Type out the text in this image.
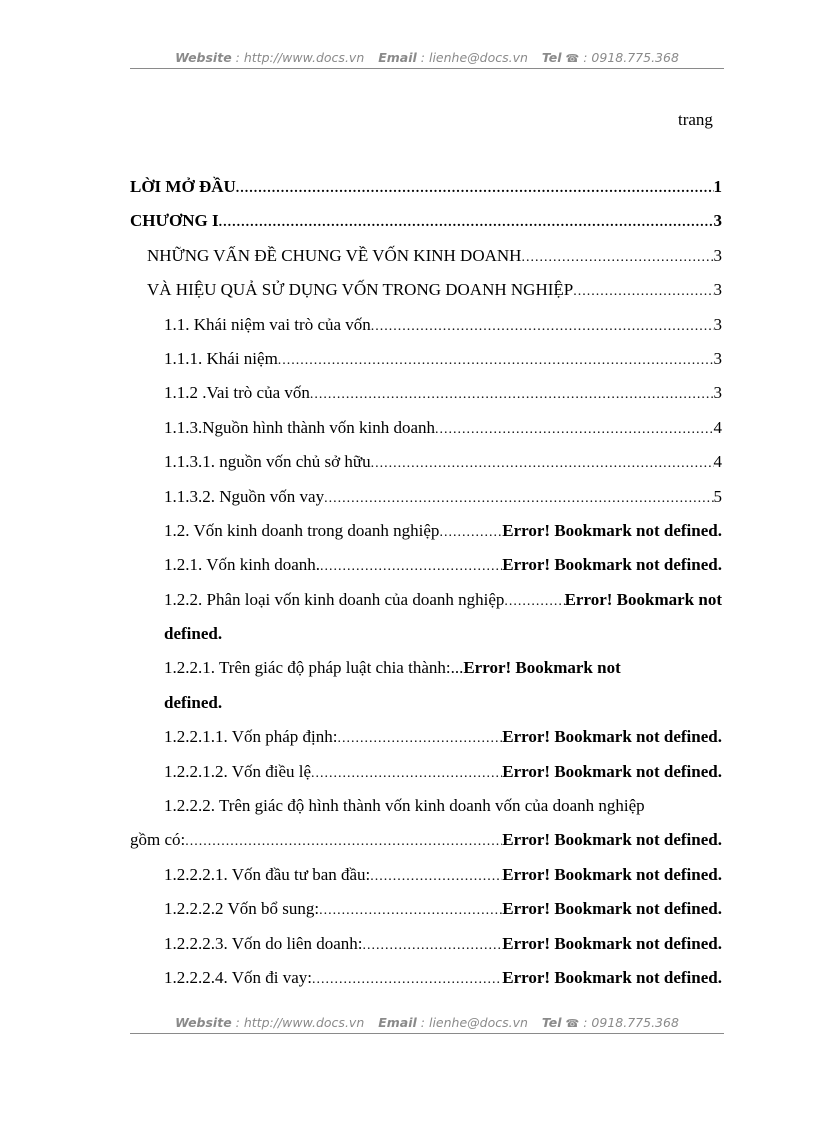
Website : http://www.docs.vn Email : lienhe@docs.vn Tel ☎ : 0918.775.368
trang
LỜI MỞ ĐẦU .....	1
CHƯƠNG I .....	3
NHỮNG VẤN ĐỀ CHUNG VỀ VỐN KINH DOANH .....	3
VÀ HIỆU QUẢ SỬ DỤNG VỐN TRONG DOANH NGHIỆP .....	3
1.1. Khái niệm vai trò của vốn .....	3
1.1.1. Khái niệm .....	3
1.1.2 .Vai trò của vốn .....	3
1.1.3.Nguồn hình thành vốn kinh doanh .....	4
1.1.3.1. nguồn vốn chủ sở hữu .....	4
1.1.3.2. Nguồn vốn vay .....	5
1.2. Vốn kinh doanh trong doanh nghiệp .....	Error! Bookmark not defined.
1.2.1. Vốn kinh doanh. .....	Error! Bookmark not defined.
1.2.2. Phân loại vốn kinh doanh của doanh nghiệp .....	Error! Bookmark not
defined.
1.2.2.1. Trên giác độ pháp luật chia thành:...Error! Bookmark not
defined.
1.2.2.1.1. Vốn pháp định: .....	Error! Bookmark not defined.
1.2.2.1.2. Vốn điều lệ .....	Error! Bookmark not defined.
1.2.2.2. Trên giác độ hình thành vốn kinh doanh vốn của doanh nghiệp
gồm có: .....	Error! Bookmark not defined.
1.2.2.2.1. Vốn đầu tư ban đầu: .....	Error! Bookmark not defined.
1.2.2.2.2 Vốn bổ sung: .....	Error! Bookmark not defined.
1.2.2.2.3. Vốn do liên doanh: .....	Error! Bookmark not defined.
1.2.2.2.4. Vốn đi vay: .....	Error! Bookmark not defined.
Website : http://www.docs.vn Email : lienhe@docs.vn Tel ☎ : 0918.775.368
